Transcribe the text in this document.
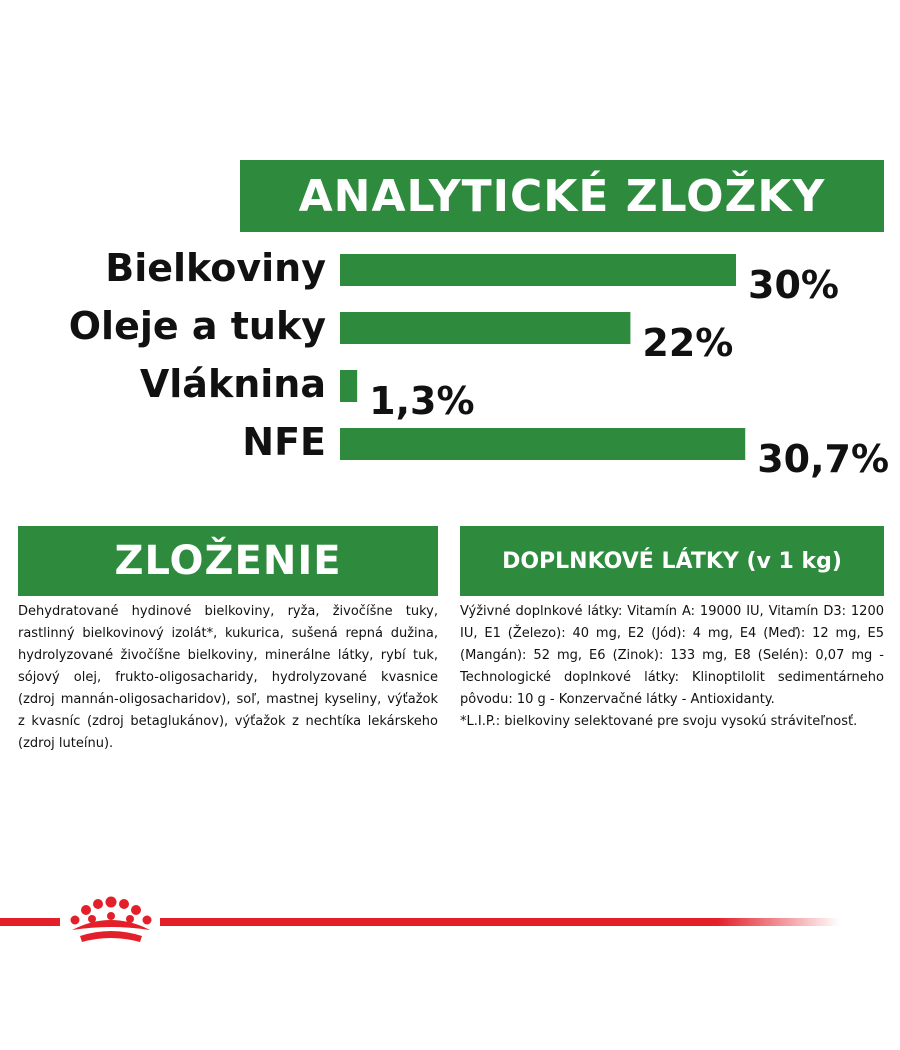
ANALYTICKÉ ZLOŽKY
Bielkoviny	30%
Oleje a tuky	22%
Vláknina 1,3%
NFE	30,7%
ZLOŽENIE

Dehydratované hydinové bielkoviny, ryža, živočíšne tuky, rastlinný bielkovinový izolát*, kukurica, sušená repná dužina, hydrolyzované živočíšne bielkoviny, minerálne látky, rybí tuk, sójový olej, frukto-oligosacharidy, hydrolyzované kvasnice (zdroj mannán-oligosacharidov), soľ, mastnej kyseliny, výťažok z kvasníc (zdroj betaglukánov), výťažok z nechtíka lekárskeho (zdroj luteínu).

DOPLNKOVÉ LÁTKY (v 1 kg)

Výživné doplnkové látky: Vitamín A: 19000 IU, Vitamín D3: 1200 IU, E1 (Železo): 40 mg, E2 (Jód): 4 mg, E4 (Meď): 12 mg, E5 (Mangán): 52 mg, E6 (Zinok): 133 mg, E8 (Selén): 0,07 mg - Technologické doplnkové látky: Klinoptilolit sedimentárneho pôvodu: 10 g - Konzervačné látky - Antioxidanty.

*L.I.P.: bielkoviny selektované pre svoju vysokú stráviteľnosť.
